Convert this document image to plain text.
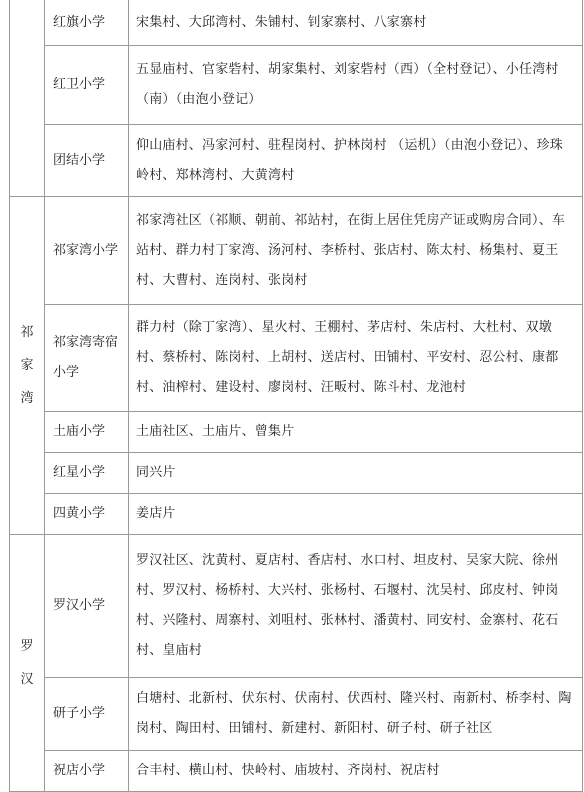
	红旗小学	宋集村、大邱湾村、朱铺村、钊家寨村、八家寨村
	红卫小学	五显庙村、官家砦村、胡家集村、刘家砦村（西）（全村登记）、小任湾村（南）（由泡小登记）
	团结小学	仰山庙村、冯家河村、驻程岗村、护林岗村 （运机）（由泡小登记）、珍珠岭村、郑林湾村、大黄湾村

祁
家
湾	祁家湾小学	祁家湾社区（祁顺、朝前、祁站村，在街上居住凭房产证或购房合同）、车站村、群力村丁家湾、汤河村、李桥村、张店村、陈太村、杨集村、夏王村、大曹村、连岗村、张岗村
	祁家湾寄宿小学	群力村（除丁家湾）、星火村、王棚村、茅店村、朱店村、大杜村、双墩村、蔡桥村、陈岗村、上胡村、送店村、田铺村、平安村、忍公村、康都村、油榨村、建设村、廖岗村、汪畈村、陈斗村、龙池村
	土庙小学	土庙社区、土庙片、曾集片
	红星小学	同兴片
	四黄小学	姜店片

罗
汉	罗汉小学	罗汉社区、沈黄村、夏店村、香店村、水口村、坦皮村、吴家大院、徐州村、罗汉村、杨桥村、大兴村、张杨村、石堰村、沈吴村、邱皮村、钟岗村、兴隆村、周寨村、刘咀村、张林村、潘黄村、同安村、金寨村、花石村、皇庙村
	研子小学	白塘村、北新村、伏东村、伏南村、伏西村、隆兴村、南新村、桥李村、陶岗村、陶田村、田铺村、新建村、新阳村、研子村、研子社区
	祝店小学	合丰村、横山村、快岭村、庙坡村、齐岗村、祝店村
